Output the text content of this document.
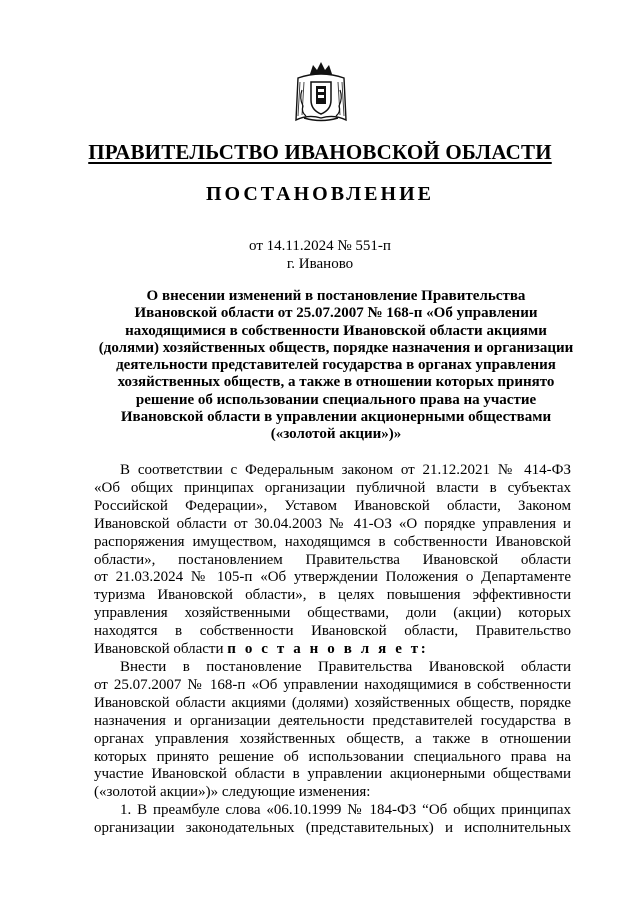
ПРАВИТЕЛЬСТВО ИВАНОВСКОЙ ОБЛАСТИ
ПОСТАНОВЛЕНИЕ
от 14.11.2024 № 551-п
г. Иваново
О внесении изменений в постановление Правительства
Ивановской области от 25.07.2007 № 168-п «Об управлении
находящимися в собственности Ивановской области акциями
(долями) хозяйственных обществ, порядке назначения и организации
деятельности представителей государства в органах управления
хозяйственных обществ, а также в отношении которых принято
решение об использовании специального права на участие
Ивановской области в управлении акционерными обществами
(«золотой акции»)»
В соответствии с Федеральным законом от 21.12.2021 № 414-ФЗ
«Об общих принципах организации публичной власти в субъектах
Российской Федерации», Уставом Ивановской области, Законом
Ивановской области от 30.04.2003 № 41-ОЗ «О порядке управления и
распоряжения имуществом, находящимся в собственности Ивановской
области», постановлением Правительства Ивановской области
от 21.03.2024 № 105-п «Об утверждении Положения о Департаменте
туризма Ивановской области», в целях повышения эффективности
управления хозяйственными обществами, доли (акции) которых
находятся в собственности Ивановской области, Правительство
Ивановской области п о с т а н о в л я е т:
Внести в постановление Правительства Ивановской области
от 25.07.2007 № 168-п «Об управлении находящимися в собственности
Ивановской области акциями (долями) хозяйственных обществ, порядке
назначения и организации деятельности представителей государства в
органах управления хозяйственных обществ, а также в отношении
которых принято решение об использовании специального права на
участие Ивановской области в управлении акционерными обществами
(«золотой акции»)» следующие изменения:
1. В преамбуле слова «06.10.1999 № 184-ФЗ “Об общих принципах
организации законодательных (представительных) и исполнительных
